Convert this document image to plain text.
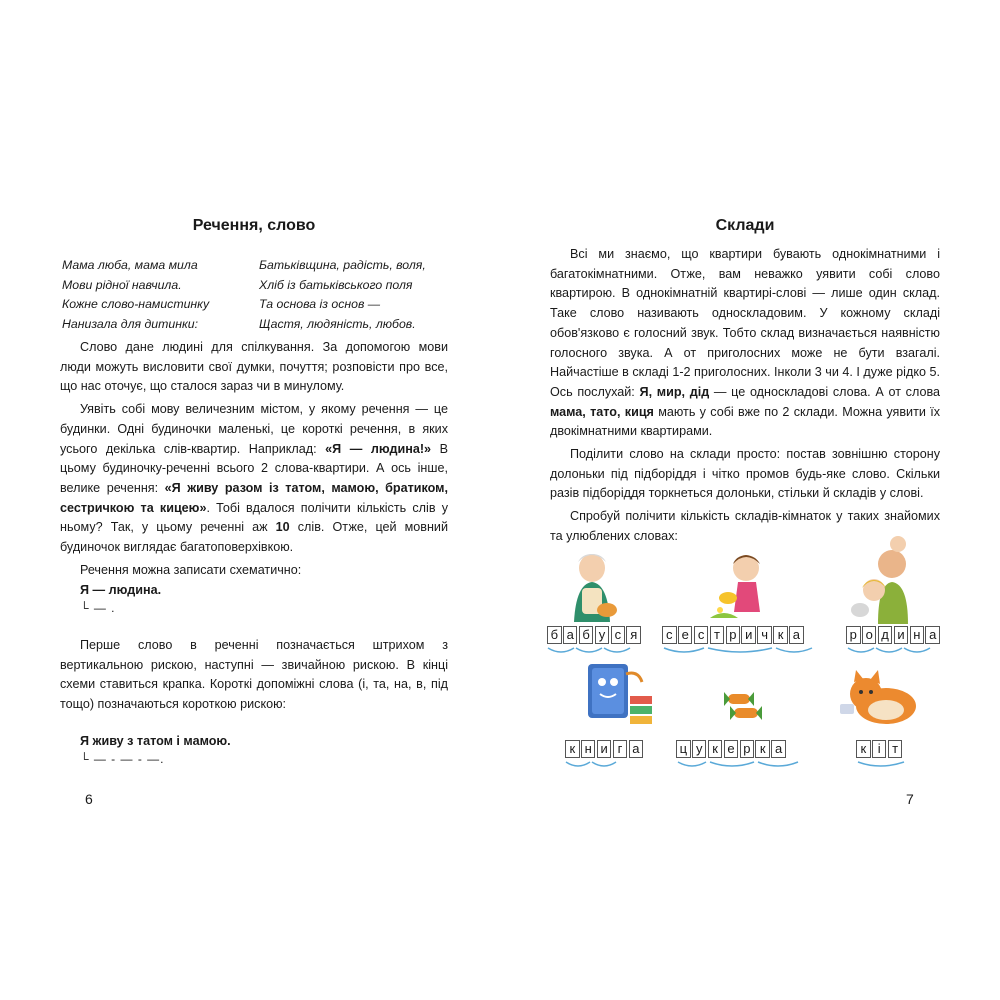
Речення, слово
Мама люба, мама мила
Мови рідної навчила.
Кожне слово-намистинку
Нанизала для дитинки:
Батьківщина, радість, воля,
Хліб із батьківського поля
Та основа із основ —
Щастя, людяність, любов.

Слово дане людині для спілкування. За допомогою мови люди можуть висловити свої думки, почуття; розповісти про все, що нас оточує, що сталося зараз чи в минулому.

Уявіть собі мову величезним містом, у якому речення — це будинки. Одні будиночки маленькі, це короткі речення, в яких усього декілька слів-квартир. Наприклад: «Я — людина!» В цьому будиночку-реченні всього 2 слова-квартири. А ось інше, велике речення: «Я живу разом із татом, мамою, братиком, сестричкою та кицею». Тобі вдалося полічити кількість слів у ньому? Так, у цьому реченні аж 10 слів. Отже, цей мовний будиночок виглядає багатоповерхівкою.

Речення можна записати схематично:

Я — людина.
└ — .

Перше слово в реченні позначається штрихом з вертикальною рискою, наступні — звичайною рискою. В кінці схеми ставиться крапка. Короткі допоміжні слова (і, та, на, в, під тощо) позначаються короткою рискою:

Я живу з татом і мамою.
└ — - — - —.
6
Склади

Всі ми знаємо, що квартири бувають однокімнатними і багатокімнатними. Отже, вам неважко уявити собі слово квартирою. В однокімнатній квартирі-слові — лише один склад. Таке слово називають односкладовим. У кожному складі обов'язково є голосний звук. Тобто склад визначається наявністю голосного звука. А от приголосних може не бути взагалі. Найчастіше в складі 1-2 приголосних. Інколи 3 чи 4. І дуже рідко 5. Ось послухай: Я, мир, дід — це односкладові слова. А от слова мама, тато, киця мають у собі вже по 2 склади. Можна уявити їх двокімнатними квартирами.

Поділити слово на склади просто: постав зовнішню сторону долоньки під підборіддя і чітко промов будь-яке слово. Скільки разів підборіддя торкнеться долоньки, стільки й складів у слові.

Спробуй полічити кількість складів-кімнаток у таких знайомих та улюблених словах:

7
б а б у с я	с е с т р и ч к а	р о д и н а
к н и г а	ц у к е р к а	к і т
